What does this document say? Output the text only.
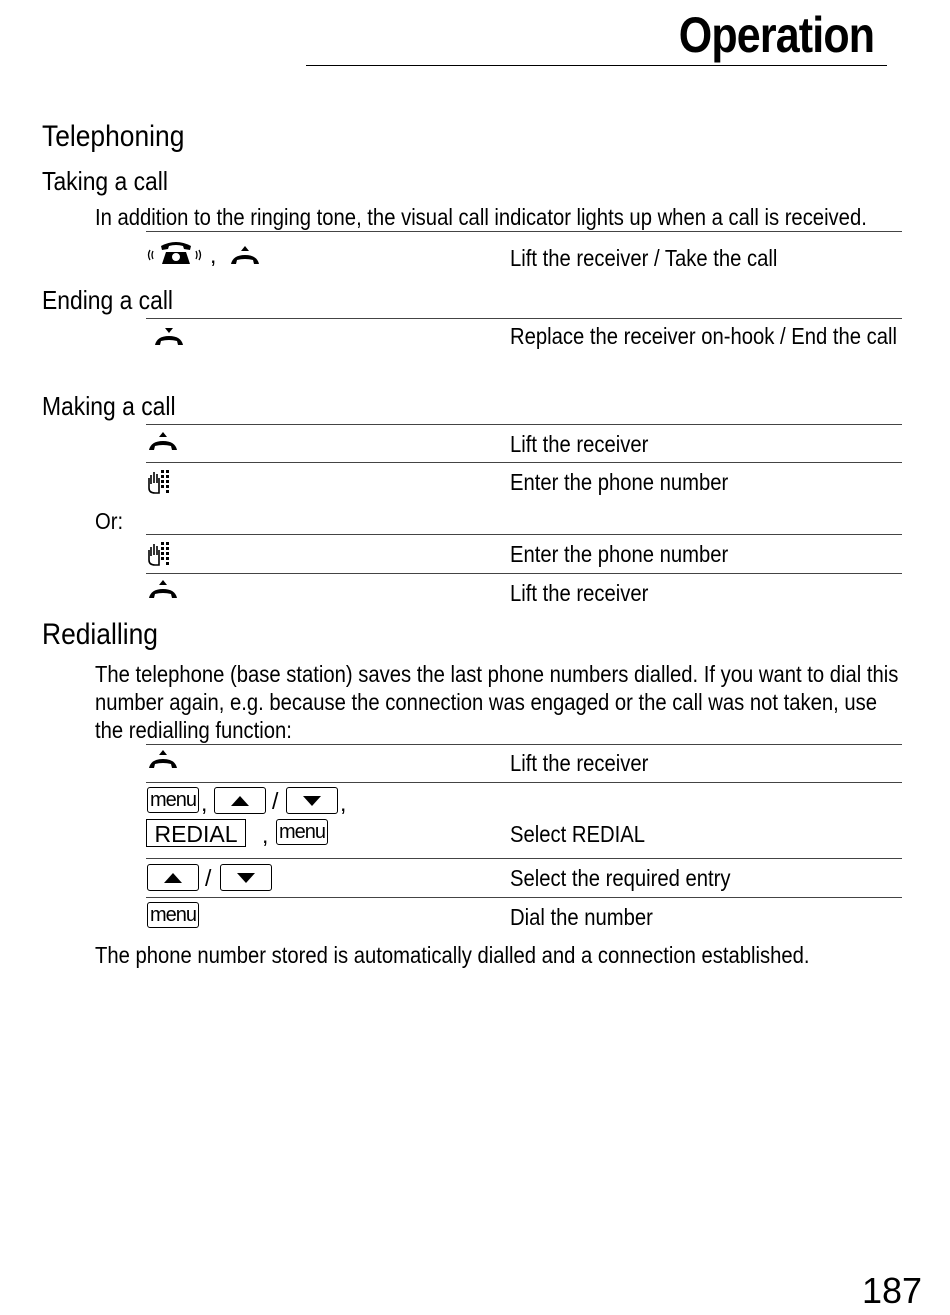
Operation
Telephoning
Taking a call
In addition to the ringing tone, the visual call indicator lights up when a call is received.
,	Lift the receiver / Take the call
Ending a call
Replace the receiver on-hook / End the call
Making a call
Lift the receiver
Enter the phone number
Or:
Enter the phone number
Lift the receiver
Redialling
The telephone (base station) saves the last phone numbers dialled. If you want to dial this number again, e.g. because the connection was engaged or the call was not taken, use the redialling function:
Lift the receiver
menu ,	/	,
REDIAL	, menu	Select REDIAL
/	Select the required entry
menu	Dial the number
The phone number stored is automatically dialled and a connection established.
187
